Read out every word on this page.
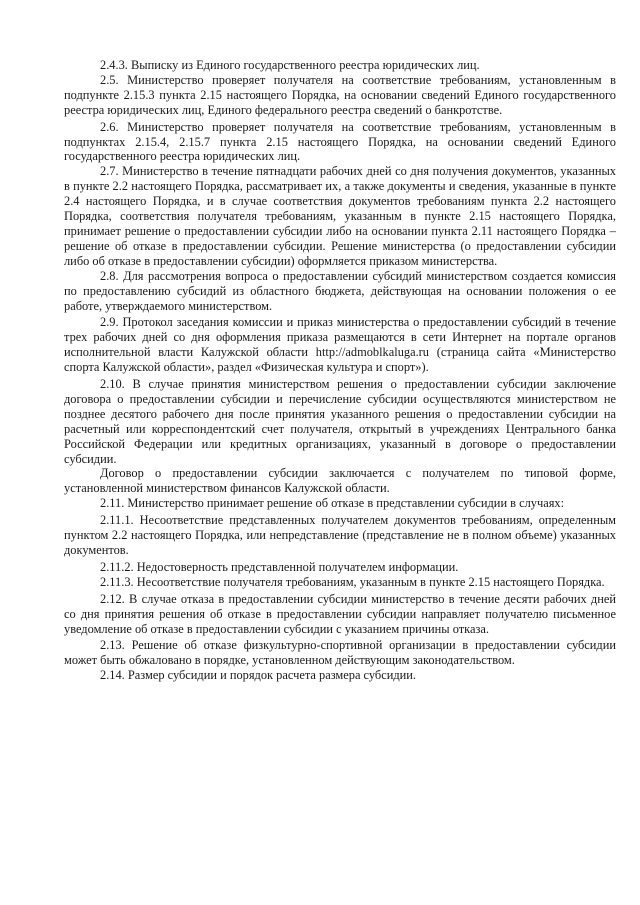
2.4.3. Выписку из Единого государственного реестра юридических лиц.

2.5. Министерство проверяет получателя на соответствие требованиям, установленным в подпункте 2.15.3 пункта 2.15 настоящего Порядка, на основании сведений Единого государственного реестра юридических лиц, Единого федерального реестра сведений о банкротстве.

2.6. Министерство проверяет получателя на соответствие требованиям, установленным в подпунктах 2.15.4, 2.15.7 пункта 2.15 настоящего Порядка, на основании сведений Единого государственного реестра юридических лиц.

2.7. Министерство в течение пятнадцати рабочих дней со дня получения документов, указанных в пункте 2.2 настоящего Порядка, рассматривает их, а также документы и сведения, указанные в пункте 2.4 настоящего Порядка, и в случае соответствия документов требованиям пункта 2.2 настоящего Порядка, соответствия получателя требованиям, указанным в пункте 2.15 настоящего Порядка, принимает решение о предоставлении субсидии либо на основании пункта 2.11 настоящего Порядка – решение об отказе в предоставлении субсидии. Решение министерства (о предоставлении субсидии либо об отказе в предоставлении субсидии) оформляется приказом министерства.

2.8. Для рассмотрения вопроса о предоставлении субсидий министерством создается комиссия по предоставлению субсидий из областного бюджета, действующая на основании положения о ее работе, утверждаемого министерством.

2.9. Протокол заседания комиссии и приказ министерства о предоставлении субсидий в течение трех рабочих дней со дня оформления приказа размещаются в сети Интернет на портале органов исполнительной власти Калужской области http://admoblkaluga.ru (страница сайта «Министерство спорта Калужской области», раздел «Физическая культура и спорт»).

2.10. В случае принятия министерством решения о предоставлении субсидии заключение договора о предоставлении субсидии и перечисление субсидии осуществляются министерством не позднее десятого рабочего дня после принятия указанного решения о предоставлении субсидии на расчетный или корреспондентский счет получателя, открытый в учреждениях Центрального банка Российской Федерации или кредитных организациях, указанный в договоре о предоставлении субсидии.

Договор о предоставлении субсидии заключается с получателем по типовой форме, установленной министерством финансов Калужской области.

2.11. Министерство принимает решение об отказе в представлении субсидии в случаях:

2.11.1. Несоответствие представленных получателем документов требованиям, определенным пунктом 2.2 настоящего Порядка, или непредставление (представление не в полном объеме) указанных документов.

2.11.2. Недостоверность представленной получателем информации.

2.11.3. Несоответствие получателя требованиям, указанным в пункте 2.15 настоящего Порядка.

2.12. В случае отказа в предоставлении субсидии министерство в течение десяти рабочих дней со дня принятия решения об отказе в предоставлении субсидии направляет получателю письменное уведомление об отказе в предоставлении субсидии с указанием причины отказа.

2.13. Решение об отказе физкультурно-спортивной организации в предоставлении субсидии может быть обжаловано в порядке, установленном действующим законодательством.

2.14. Размер субсидии и порядок расчета размера субсидии.
